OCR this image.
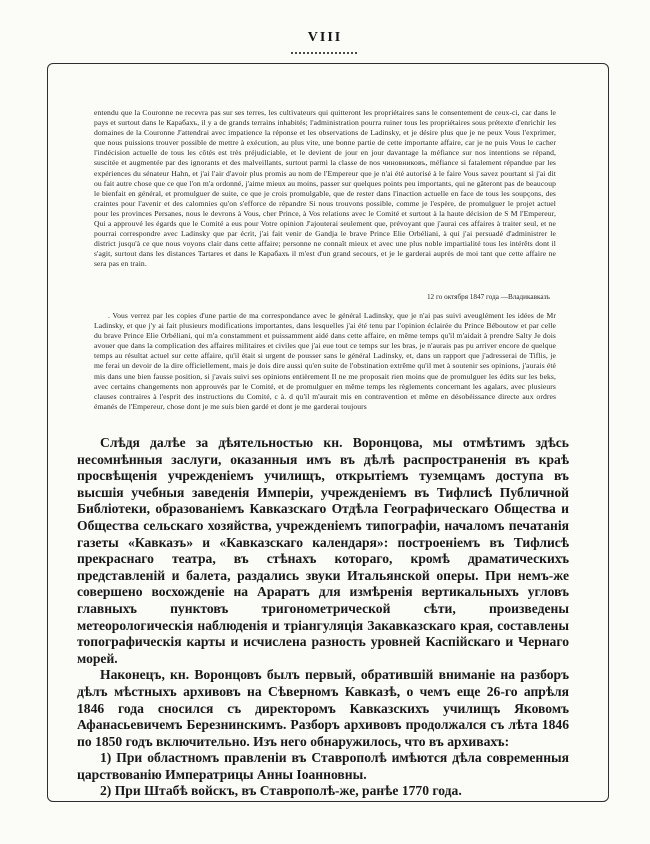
VIII
entendu que la Couronne ne recevra pas sur ses terres, les cultivateurs qui quitteront les propriétaires sans le consentement de ceux-ci, car dans le pays et surtout dans le Карабахъ, il y a de grands terrains inhabités; l'administration pourra ruiner tous les propriétaires sous prétexte d'enrichir les domaines de la Couronne J'attendrai avec impatience la réponse et les observations de Ladinsky, et je désire plus que je ne peux Vous l'exprimer, que nous puissions trouver possible de mettre à exécution, au plus vite, une bonne partie de cette importante affaire, car je ne puis Vous le cacher l'indécision actuelle de tous les côtés est très préjudiciable, et le devient de jour en jour davantage la méfiance sur nos intentions se répand, suscitée et augmentée par des ignorants et des malveillants, surtout parmi la classe de nos чиновниковъ, méfiance si fatalement répandue par les expériences du sénateur Hahn, et j'ai l'air d'avoir plus promis au nom de l'Empereur que je n'ai été autorisé à le faire Vous savez pourtant si j'ai dit ou fait autre chose que ce que l'on m'a ordonné, j'aime mieux au moins, passer sur quelques points peu importants, qui ne gâteront pas de beaucoup le bienfait en général, et promulguer de suite, ce que je crois promulgable, que de rester dans l'inaction actuelle en face de tous les soupçons, des craintes pour l'avenir et des calomnies qu'on s'efforce de répandre Si nous trouvons possible, comme je l'espère, de promulguer le projet actuel pour les provinces Persanes, nous le devrons à Vous, cher Prince, à Vos relations avec le Comité et surtout à la haute décision de S M l'Empereur, Qui a approuvé les égards que le Comité a eus pour Votre opinion J'ajouterai seulement que, prévoyant que j'aurai ces affaires à traiter seul, et ne pourrai correspondre avec Ladinsky que par écrit, j'ai fait venir de Gandja le brave Prince Elie Orbéliani, à qui j'ai persuadé d'administrer le district jusqu'à ce que nous voyons clair dans cette affaire; personne ne connaît mieux et avec une plus noble impartialité tous les intérêts dont il s'agit, surtout dans les distances Tartares et dans le Карабахъ il m'est d'un grand secours, et je le garderai auprès de moi tant que cette affaire ne sera pas en train.
12 го октября 1847 года —Владикавказъ
. Vous verrez par les copies d'une partie de ma correspondance avec le général Ladinsky, que je n'ai pas suivi aveuglément les idées de Mr Ladinsky, et que j'y ai fait plusieurs modifications importantes, dans lesquelles j'ai été tenu par l'opinion éclairée du Prince Béboutow et par celle du brave Prince Elie Orbéliani, qui m'a constamment et puissamment aidé dans cette affaire, en même temps qu'il m'aidait à prendre Salty Je dois avouer que dans la complication des affaires militaires et civiles que j'ai eue tout ce temps sur les bras, je n'aurais pas pu arriver encore de quelque temps au résultat actuel sur cette affaire, qu'il était si urgent de pousser sans le général Ladinsky, et, dans un rapport que j'adresserai de Tiflis, je me ferai un devoir de la dire officiellement, mais je dois dire aussi qu'en suite de l'obstination extrême qu'il met à soutenir ses opinions, j'aurais été mis dans une bien fausse position, si j'avais suivi ses opinions entièrement Il ne me proposait rien moins que de promulguer les édits sur les beks, avec certains changements non approuvés par le Comité, et de promulguer en même temps les règlements concernant les agalars, avec plusieurs clauses contraires à l'esprit des instructions du Comité, c à. d qu'il m'aurait mis en contravention et même en désobéissance directe aux ordres émanés de l'Empereur, chose dont je me suis bien gardé et dont je me garderai toujours

Слѣдя далѣе за дѣятельностью кн. Воронцова, мы отмѣтимъ здѣсь несомнѣнныя заслуги, оказанныя имъ въ дѣлѣ распространенія въ краѣ просвѣщенія учрежденіемъ училищъ, открытіемъ туземцамъ доступа въ высшія учебныя заведенія Имперіи, учрежденіемъ въ Тифлисѣ Публичной Библіотеки, образованіемъ Кавказскаго Отдѣла Географическаго Общества и Общества сельскаго хозяйства, учрежденіемъ типографіи, началомъ печатанія газеты «Кавказъ» и «Кавказскаго календаря»: построеніемъ въ Тифлисѣ прекраснаго театра, въ стѣнахъ котораго, кромѣ драматическихъ представленій и балета, раздались звуки Итальянской оперы. При немъ-же совершено восхожденіе на Араратъ для измѣренія вертикальныхъ угловъ главныхъ пунктовъ тригонометрической сѣти, произведены метеорологическія наблюденія и тріангуляція Закавказскаго края, составлены топографическія карты и исчислена разность уровней Каспійскаго и Чернаго морей.

Наконецъ, кн. Воронцовъ былъ первый, обратившій вниманіе на разборъ дѣлъ мѣстныхъ архивовъ на Сѣверномъ Кавказѣ, о чемъ еще 26-го апрѣля 1846 года сносился съ директоромъ Кавказскихъ училищъ Яковомъ Афанасьевичемъ Березнинскимъ. Разборъ архивовъ продолжался съ лѣта 1846 по 1850 годъ включительно. Изъ него обнаружилось, что въ архивахъ:

1) При областномъ правленіи въ Ставрополѣ имѣются дѣла современныя царствованію Императрицы Анны Іоанновны.

2) При Штабѣ войскъ, въ Ставрополѣ-же, ранѣе 1770 года.
